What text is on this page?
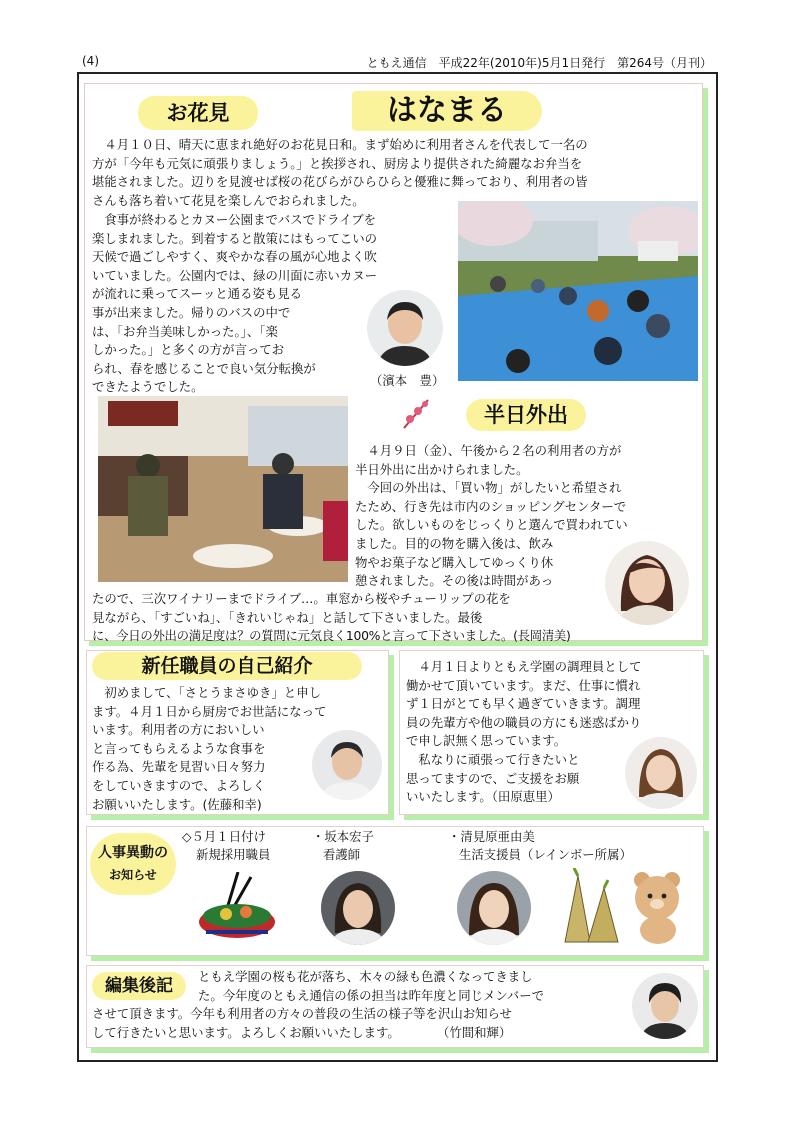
(4)	ともえ通信　平成22年(2010年)5月1日発行　第264号（月刊）
お花見	はなまる
　４月１０日、晴天に恵まれ絶好のお花見日和。まず始めに利用者さんを代表して一名の
方が「今年も元気に頑張りましょう。」と挨拶され、厨房より提供された綺麗なお弁当を
堪能されました。辺りを見渡せば桜の花びらがひらひらと優雅に舞っており、利用者の皆
さんも落ち着いて花見を楽しんでおられました。
　食事が終わるとカヌー公園までバスでドライブを
楽しまれました。到着すると散策にはもってこいの
天候で過ごしやすく、爽やかな春の風が心地よく吹
いていました。公園内では、緑の川面に赤いカヌー
が流れに乗ってスーッと通る姿も見る
事が出来ました。帰りのバスの中で
は、「お弁当美味しかった。」、「楽
しかった。」と多くの方が言ってお
られ、春を感じることで良い気分転換が
できたようでした。	（濱本　豊）
半日外出
　４月９日（金）、午後から２名の利用者の方が
半日外出に出かけられました。
　今回の外出は、「買い物」がしたいと希望され
たため、行き先は市内のショッピングセンターで
した。欲しいものをじっくりと選んで買われてい
ました。目的の物を購入後は、飲み
物やお菓子など購入してゆっくり休
憩されました。その後は時間があっ
たので、三次ワイナリーまでドライブ…。車窓から桜やチューリップの花を
見ながら、「すごいね」、「きれいじゃね」と話して下さいました。最後
に、今日の外出の満足度は？の質問に元気良く100%と言って下さいました。(長岡清美)
新任職員の自己紹介
　初めまして、「さとうまさゆき」と申し
ます。４月１日から厨房でお世話になって
います。利用者の方においしい
と言ってもらえるような食事を
作る為、先輩を見習い日々努力
をしていきますので、よろしく
お願いいたします。(佐藤和幸)
　４月１日よりともえ学園の調理員として
働かせて頂いています。まだ、仕事に慣れ
ず１日がとても早く過ぎていきます。調理
員の先輩方や他の職員の方にも迷惑ばかり
で申し訳無く思っています。
　私なりに頑張って行きたいと
思ってますので、ご支援をお願
いいたします。（田原恵里）
人事異動の
お知らせ
◇５月１日付け
新規採用職員
・坂本宏子
看護師
・清見原亜由美
生活支援員（レインボー所属）
編集後記	ともえ学園の桜も花が落ち、木々の緑も色濃くなってきまし
た。今年度のともえ通信の係の担当は昨年度と同じメンバーで
させて頂きます。今年も利用者の方々の普段の生活の様子等を沢山お知らせ
して行きたいと思います。よろしくお願いいたします。　　　　（竹間和輝）
